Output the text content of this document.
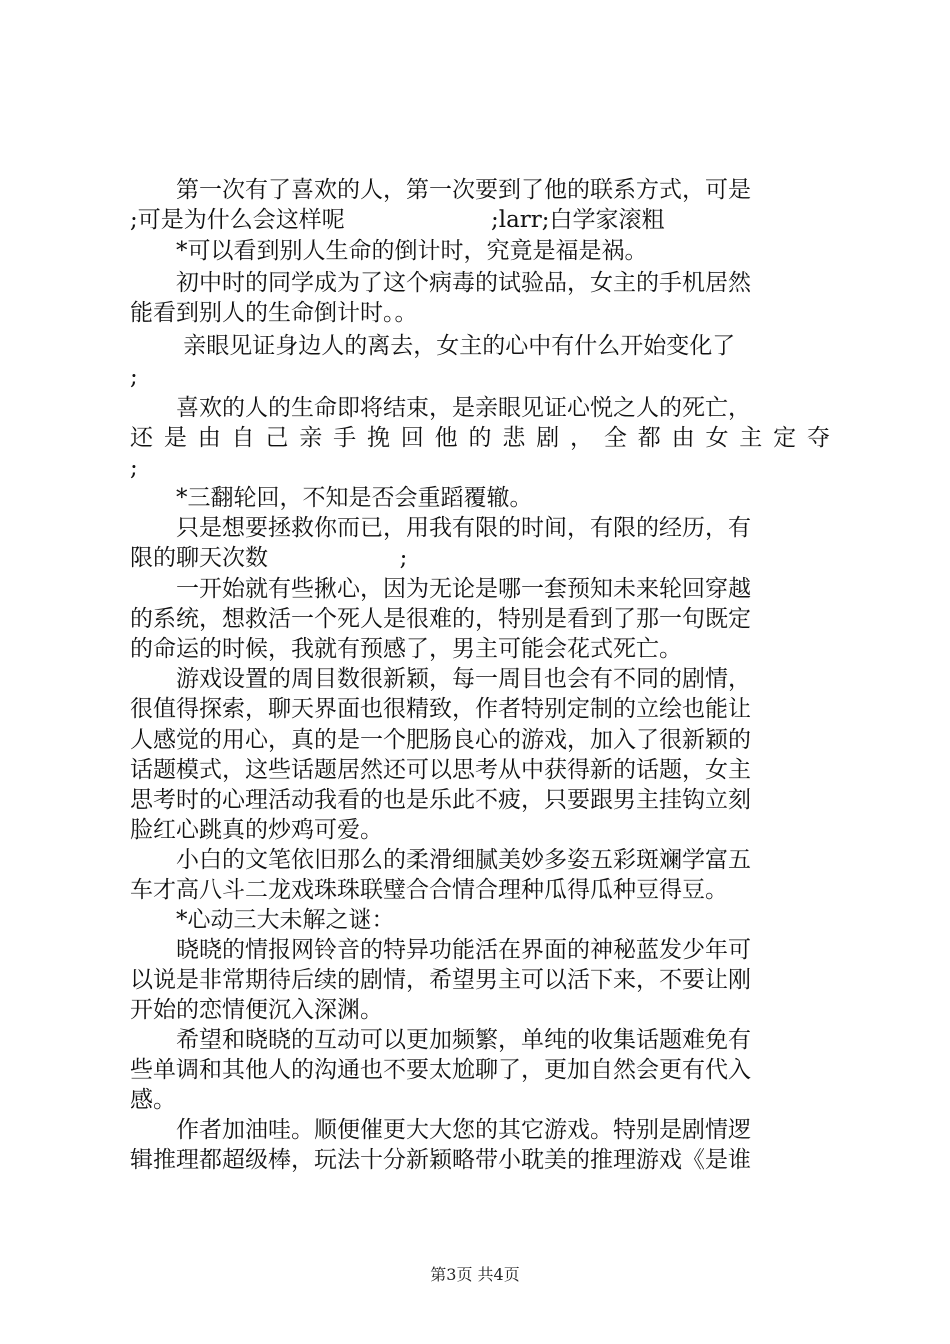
　　第一次有了喜欢的人，第一次要到了他的联系方式，可是
;可是为什么会这样呢                    ;larr;白学家滚粗
　　*可以看到别人生命的倒计时，究竟是福是祸。
　　初中时的同学成为了这个病毒的试验品，女主的手机居然
能看到别人的生命倒计时。。
　　 亲眼见证身边人的离去，女主的心中有什么开始变化了
;
　　喜欢的人的生命即将结束，是亲眼见证心悦之人的死亡，
还是由自己亲手挽回他的悲剧，全都由女主定夺
;
　　*三翻轮回，不知是否会重蹈覆辙。
　　只是想要拯救你而已，用我有限的时间，有限的经历，有
限的聊天次数                  ;
　　一开始就有些揪心，因为无论是哪一套预知未来轮回穿越
的系统，想救活一个死人是很难的，特别是看到了那一句既定
的命运的时候，我就有预感了，男主可能会花式死亡。
　　游戏设置的周目数很新颖，每一周目也会有不同的剧情，
很值得探索，聊天界面也很精致，作者特别定制的立绘也能让
人感觉的用心，真的是一个肥肠良心的游戏，加入了很新颖的
话题模式，这些话题居然还可以思考从中获得新的话题，女主
思考时的心理活动我看的也是乐此不疲，只要跟男主挂钩立刻
脸红心跳真的炒鸡可爱。
　　小白的文笔依旧那么的柔滑细腻美妙多姿五彩斑斓学富五
车才高八斗二龙戏珠珠联璧合合情合理种瓜得瓜种豆得豆。
　　*心动三大未解之谜：
　　晓晓的情报网铃音的特异功能活在界面的神秘蓝发少年可
以说是非常期待后续的剧情，希望男主可以活下来，不要让刚
开始的恋情便沉入深渊。
　　希望和晓晓的互动可以更加频繁，单纯的收集话题难免有
些单调和其他人的沟通也不要太尬聊了，更加自然会更有代入
感。
　　作者加油哇。顺便催更大大您的其它游戏。特别是剧情逻
辑推理都超级棒，玩法十分新颖略带小耽美的推理游戏《是谁
第3页 共4页
